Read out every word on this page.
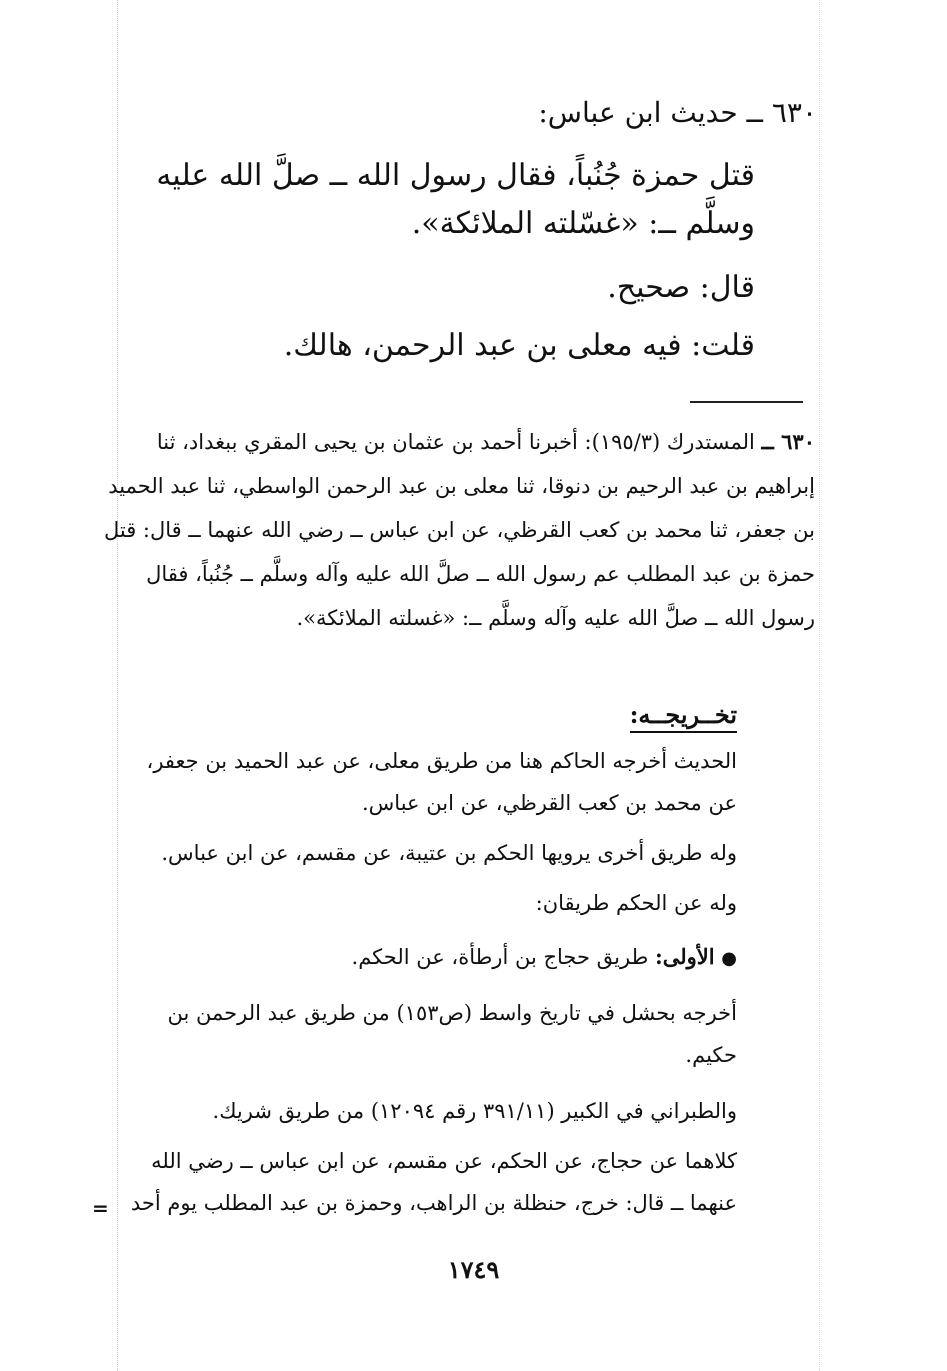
٦٣٠ ــ حديث ابن عباس:
قتل حمزة جُنُباً، فقال رسول الله ــ صلَّ الله عليه وسلَّم ــ: «غسّلته الملائكة».
قال: صحيح.
قلت: فيه معلى بن عبد الرحمن، هالك.
٦٣٠ ــ المستدرك (١٩٥/٣): أخبرنا أحمد بن عثمان بن يحيى المقري ببغداد، ثنا إبراهيم بن عبد الرحيم بن دنوقا، ثنا معلى بن عبد الرحمن الواسطي، ثنا عبد الحميد بن جعفر، ثنا محمد بن كعب القرظي، عن ابن عباس ــ رضي الله عنهما ــ قال: قتل حمزة بن عبد المطلب عم رسول الله ــ صلَّ الله عليه وآله وسلَّم ــ جُنُباً، فقال رسول الله ــ صلَّ الله عليه وآله وسلَّم ــ: «غسلته الملائكة».
تخــريجــه:
الحديث أخرجه الحاكم هنا من طريق معلى، عن عبد الحميد بن جعفر، عن محمد بن كعب القرظي، عن ابن عباس.
وله طريق أخرى يرويها الحكم بن عتيبة، عن مقسم، عن ابن عباس.
وله عن الحكم طريقان:
● الأولى: طريق حجاج بن أرطأة، عن الحكم.
أخرجه بحشل في تاريخ واسط (ص١٥٣) من طريق عبد الرحمن بن حكيم.
والطبراني في الكبير (٣٩١/١١ رقم ١٢٠٩٤) من طريق شريك.
كلاهما عن حجاج، عن الحكم، عن مقسم، عن ابن عباس ــ رضي الله عنهما ــ قال: خرج، حنظلة بن الراهب، وحمزة بن عبد المطلب يوم أحد
=
١٧٤٩
